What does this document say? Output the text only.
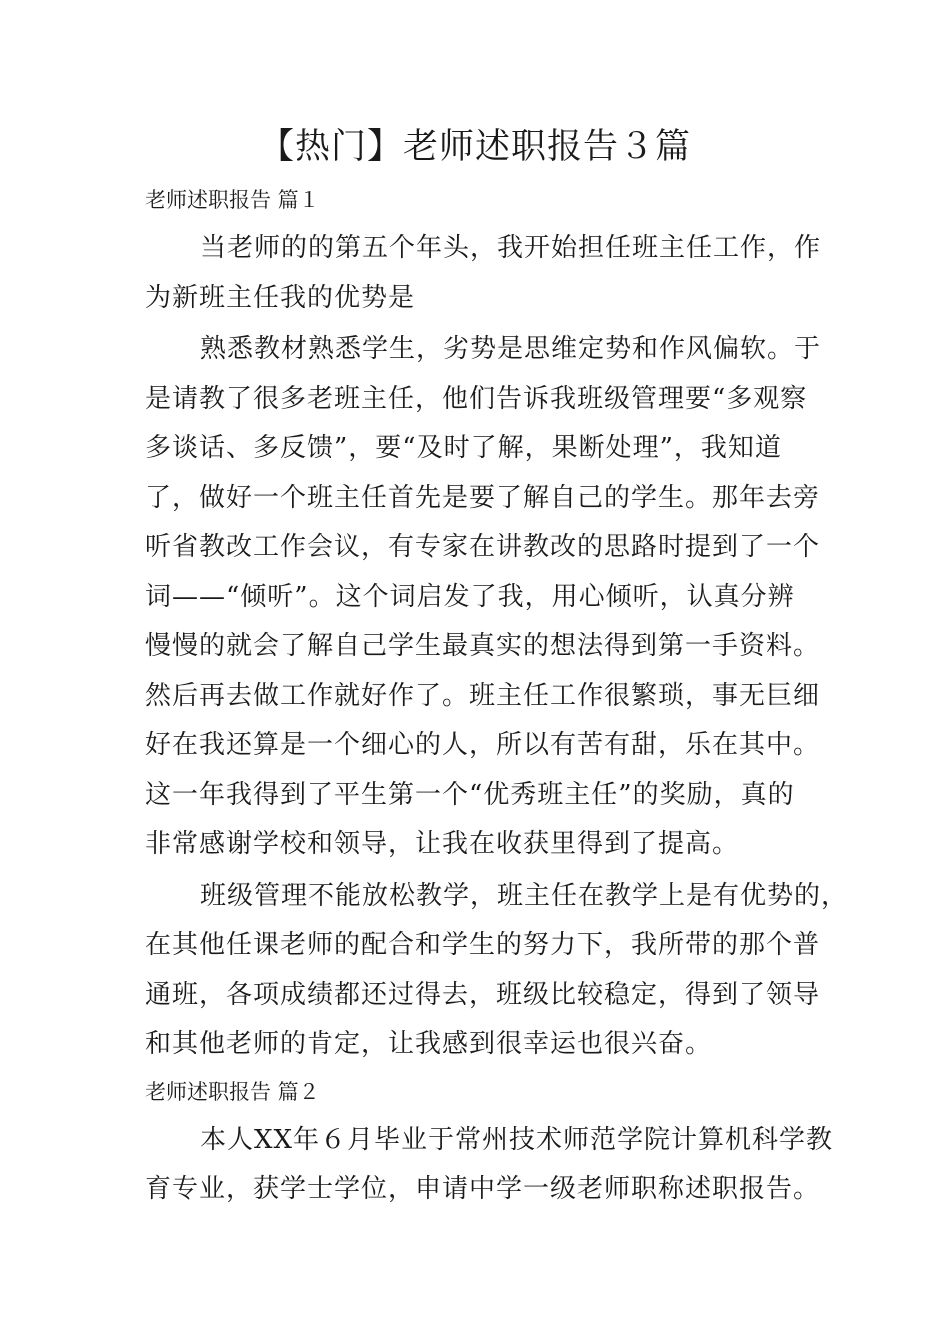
【热门】老师述职报告３篇
老师述职报告 篇１
当老师的的第五个年头，我开始担任班主任工作，作
为新班主任我的优势是
熟悉教材熟悉学生，劣势是思维定势和作风偏软。于
是请教了很多老班主任，他们告诉我班级管理要“多观察
多谈话、多反馈”，要“及时了解，果断处理”，我知道
了，做好一个班主任首先是要了解自己的学生。那年去旁
听省教改工作会议，有专家在讲教改的思路时提到了一个
词——“倾听”。这个词启发了我，用心倾听，认真分辨
慢慢的就会了解自己学生最真实的想法得到第一手资料。
然后再去做工作就好作了。班主任工作很繁琐，事无巨细
好在我还算是一个细心的人，所以有苦有甜，乐在其中。
这一年我得到了平生第一个“优秀班主任”的奖励，真的
非常感谢学校和领导，让我在收获里得到了提高。
班级管理不能放松教学，班主任在教学上是有优势的，
在其他任课老师的配合和学生的努力下，我所带的那个普
通班，各项成绩都还过得去，班级比较稳定，得到了领导
和其他老师的肯定，让我感到很幸运也很兴奋。
老师述职报告 篇２
本人XX年６月毕业于常州技术师范学院计算机科学教
育专业，获学士学位，申请中学一级老师职称述职报告。
